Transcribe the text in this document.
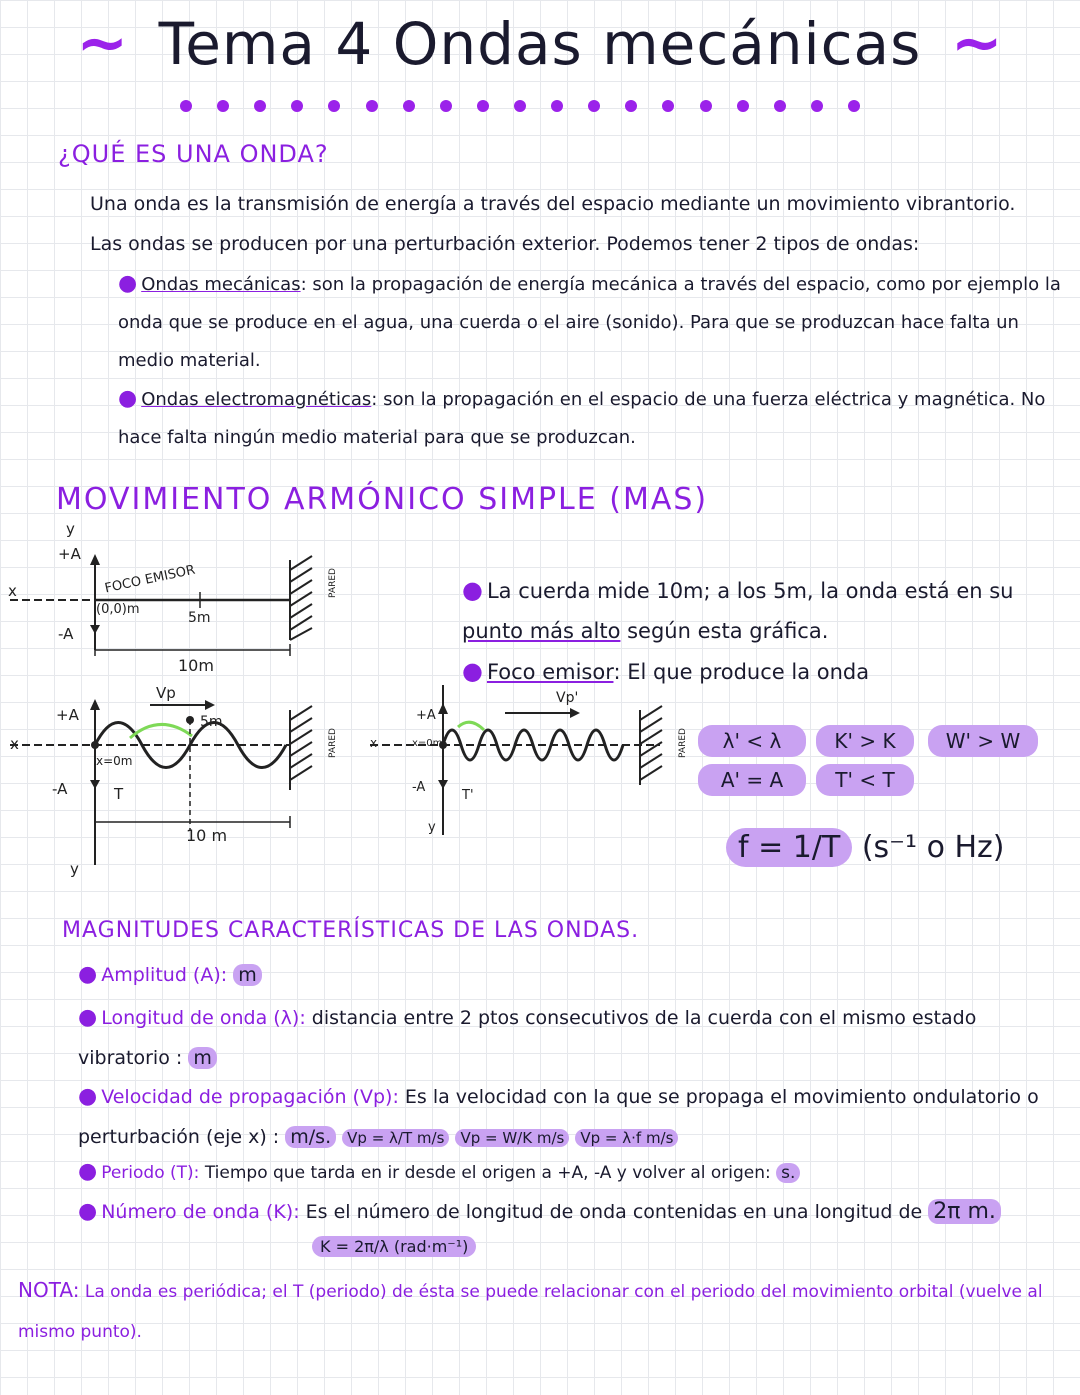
~ Tema 4 Ondas mecánicas ~
¿QUÉ ES UNA ONDA?
Una onda es la transmisión de energía a través del espacio mediante un movimiento vibrantorio. Las ondas se producen por una perturbación exterior. Podemos tener 2 tipos de ondas:
● Ondas mecánicas: son la propagación de energía mecánica a través del espacio, como por ejemplo la onda que se produce en el agua, una cuerda o el aire (sonido). Para que se produzcan hace falta un medio material.
● Ondas electromagnéticas: son la propagación en el espacio de una fuerza eléctrica y magnética. No hace falta ningún medio material para que se produzcan.
MOVIMIENTO ARMÓNICO SIMPLE (MAS)
y
+A
-A
x	FOCO EMISOR
(0,0)m
5m
10m
PARED
+A
-A
x
x=0m
T
Vp
5m
10 m
y
PARED
+A
-A
x	x=0m
T'
Vp'
y
PARED
● La cuerda mide 10m; a los 5m, la onda está en su punto más alto según esta gráfica.
● Foco emisor: El que produce la onda
λ' < λ	K' > K	W' > W
A' = A	T' < T
f = 1/T (s⁻¹ o Hz)
MAGNITUDES CARACTERÍSTICAS DE LAS ONDAS.
● Amplitud (A): m
● Longitud de onda (λ): distancia entre 2 ptos consecutivos de la cuerda con el mismo estado vibratorio : m
● Velocidad de propagación (Vp): Es la velocidad con la que se propaga el movimiento ondulatorio o perturbación (eje x) : m/s. Vp = λ/T m/s Vp = W/K m/s Vp = λ·f m/s
● Periodo (T): Tiempo que tarda en ir desde el origen a +A, -A y volver al origen: s.
● Número de onda (K): Es el número de longitud de onda contenidas en una longitud de 2π m.
K = 2π/λ (rad·m⁻¹)
NOTA: La onda es periódica; el T (periodo) de ésta se puede relacionar con el periodo del movimiento orbital (vuelve al mismo punto).
